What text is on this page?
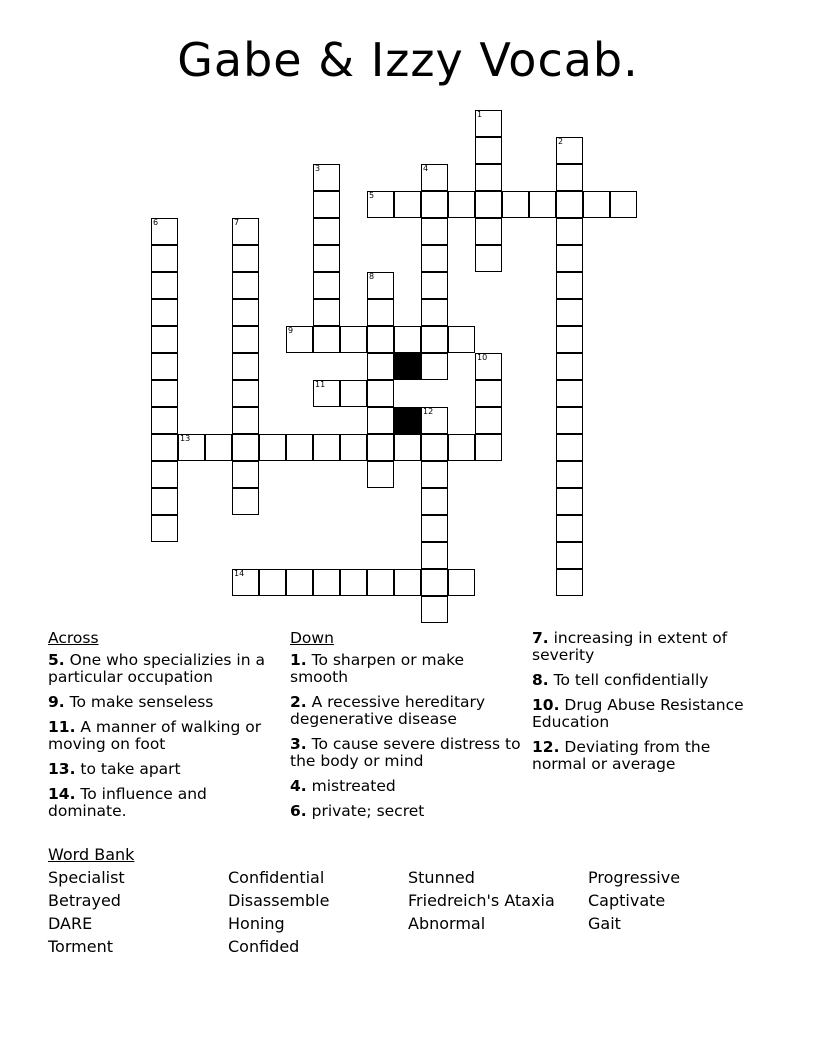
Gabe & Izzy Vocab.
5
9
11
13
14
1
2
3	4
6	7
8
10
12
Across
5. One who specializies in a particular occupation
9. To make senseless
11. A manner of walking or moving on foot
13. to take apart
14. To influence and dominate.
Down
1. To sharpen or make smooth
2. A recessive hereditary degenerative disease
3. To cause severe distress to the body or mind
4. mistreated
6. private; secret
7. increasing in extent of severity
8. To tell confidentially
10. Drug Abuse Resistance Education
12. Deviating from the normal or average
Word Bank
Specialist	Confidential	Stunned	Progressive
Betrayed	Disassemble	Friedreich's Ataxia	Captivate
DARE	Honing	Abnormal	Gait
Torment	Confided
